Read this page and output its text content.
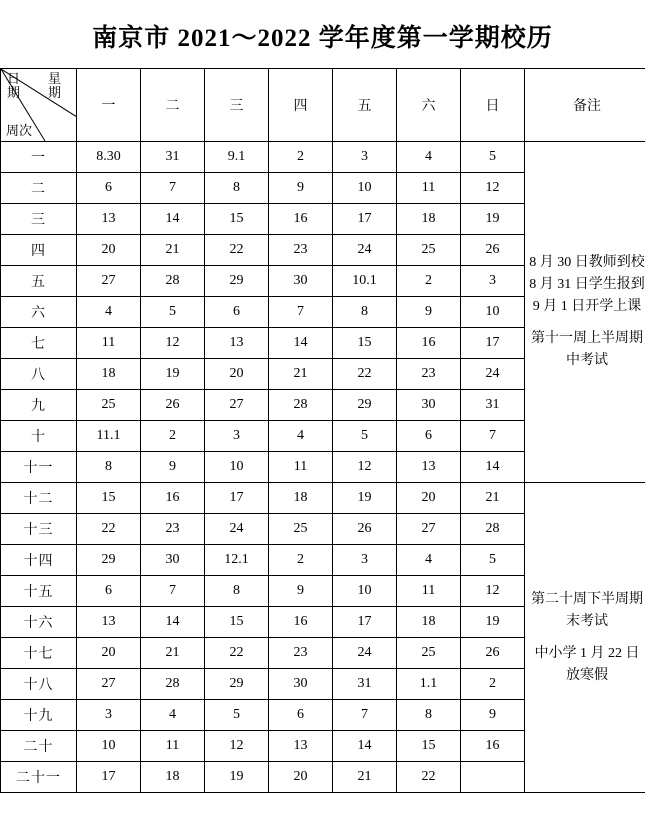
南京市 2021～2022 学年度第一学期校历
日 期
星 期
周次	一	二	三	四	五	六	日	备注
一	8.30	31	9.1	2	3	4	5	8 月 30 日教师到校

8 月 31 日学生报到

9 月 1 日开学上课

第十一周上半周期

中考试

二	6	7	8	9	10	11	12	
三	13	14	15	16	17	18	19	
四	20	21	22	23	24	25	26	
五	27	28	29	30	10.1	2	3	
六	4	5	6	7	8	9	10	
七	11	12	13	14	15	16	17	
八	18	19	20	21	22	23	24	
九	25	26	27	28	29	30	31	
十	11.1	2	3	4	5	6	7	
十一	8	9	10	11	12	13	14	
十二	15	16	17	18	19	20	21	第二十周下半周期

末考试

中小学 1 月 22 日

放寒假

十三	22	23	24	25	26	27	28	
十四	29	30	12.1	2	3	4	5	
十五	6	7	8	9	10	11	12	
十六	13	14	15	16	17	18	19	
十七	20	21	22	23	24	25	26	
十八	27	28	29	30	31	1.1	2	
十九	3	4	5	6	7	8	9	
二十	10	11	12	13	14	15	16	
二十一	17	18	19	20	21	22		
